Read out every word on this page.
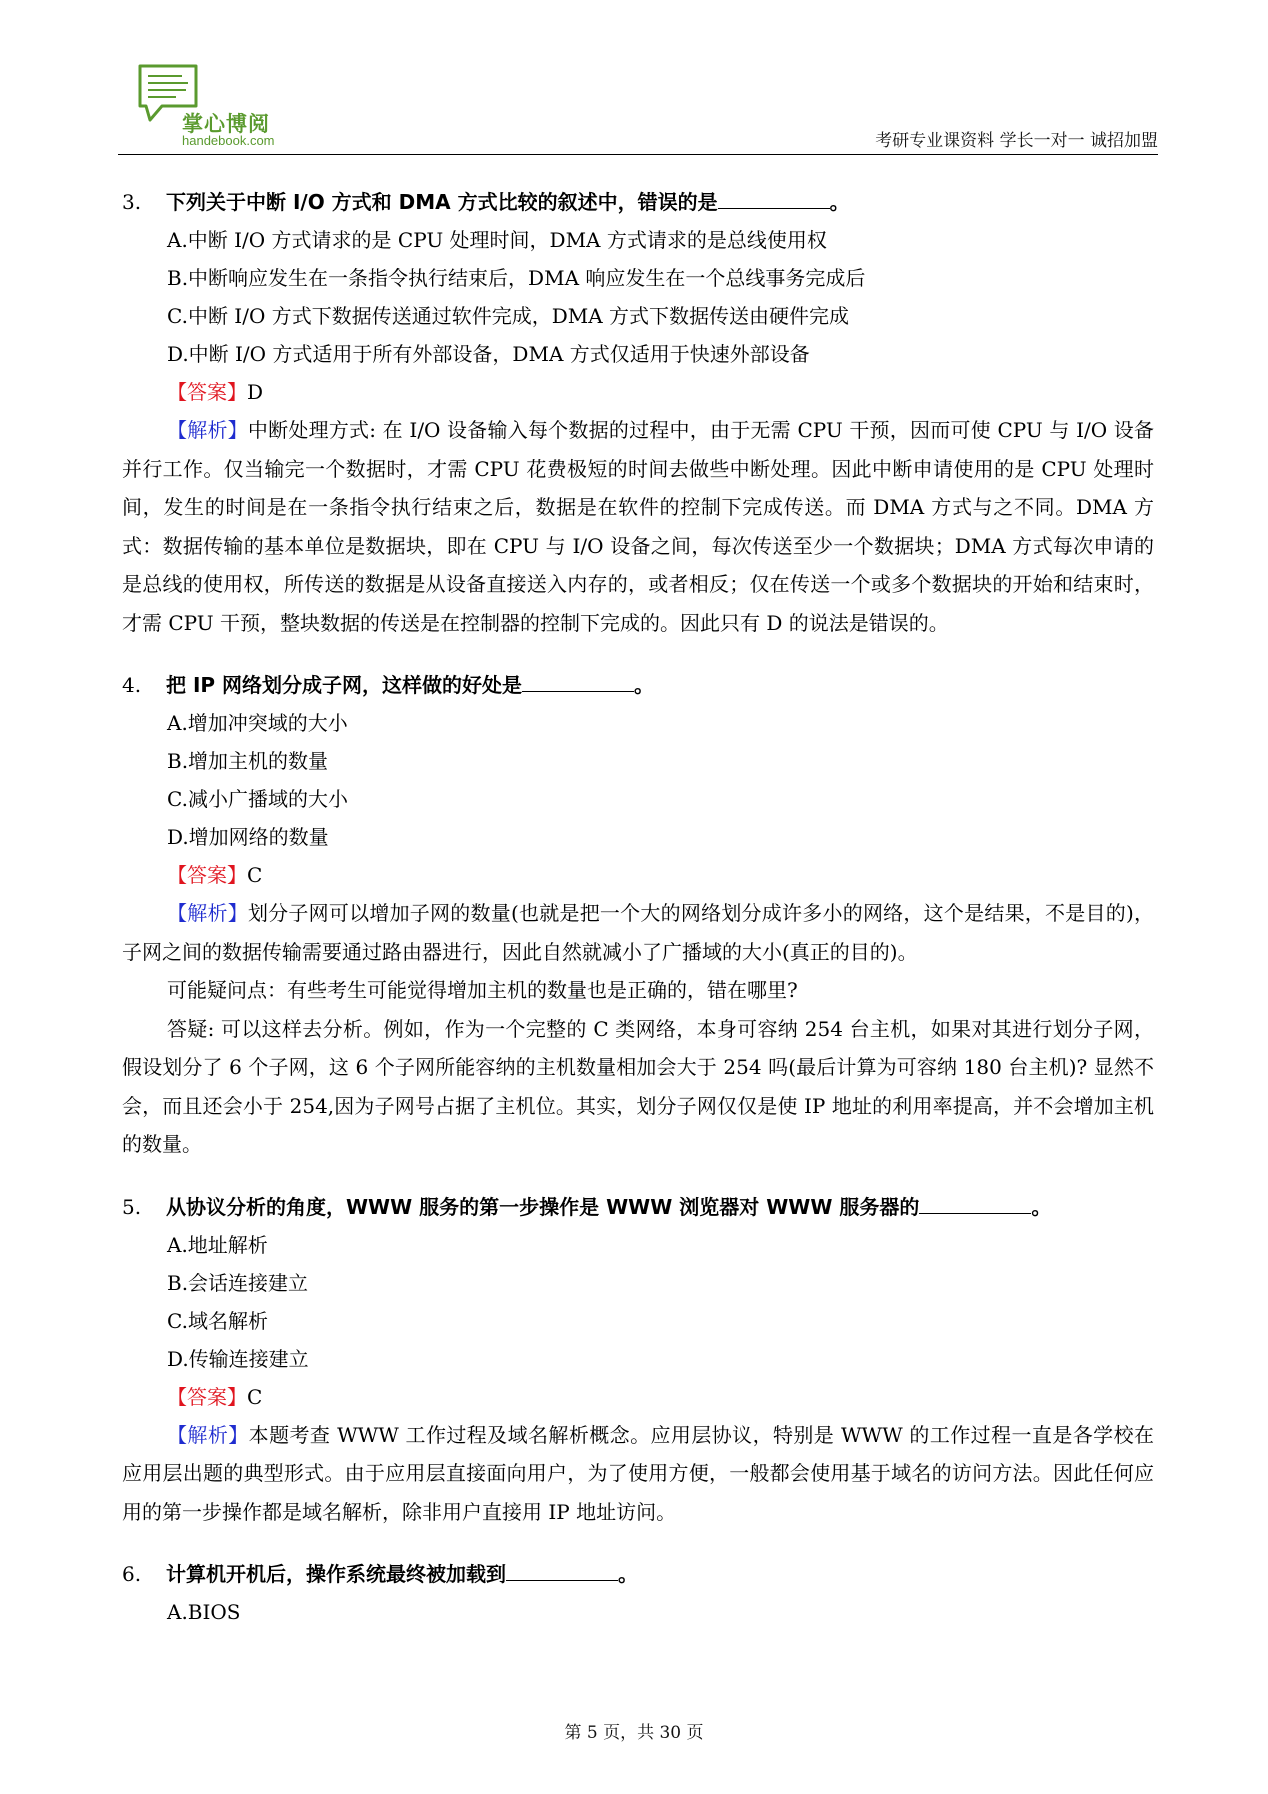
掌心博阅
handebook.com	考研专业课资料 学长一对一 诚招加盟
3. 下列关于中断 I/O 方式和 DMA 方式比较的叙述中，错误的是	。
A.中断 I/O 方式请求的是 CPU 处理时间，DMA 方式请求的是总线使用权
B.中断响应发生在一条指令执行结束后，DMA 响应发生在一个总线事务完成后
C.中断 I/O 方式下数据传送通过软件完成，DMA 方式下数据传送由硬件完成
D.中断 I/O 方式适用于所有外部设备，DMA 方式仅适用于快速外部设备
【答案】D

【解析】中断处理方式: 在 I/O 设备输入每个数据的过程中，由于无需 CPU 干预，因而可使 CPU 与 I/O 设备并行工作。仅当输完一个数据时，才需 CPU 花费极短的时间去做些中断处理。因此中断申请使用的是 CPU 处理时间，发生的时间是在一条指令执行结束之后，数据是在软件的控制下完成传送。而 DMA 方式与之不同。DMA 方式：数据传输的基本单位是数据块，即在 CPU 与 I/O 设备之间，每次传送至少一个数据块；DMA 方式每次申请的是总线的使用权，所传送的数据是从设备直接送入内存的，或者相反；仅在传送一个或多个数据块的开始和结束时，才需 CPU 干预，整块数据的传送是在控制器的控制下完成的。因此只有 D 的说法是错误的。

4. 把 IP 网络划分成子网，这样做的好处是	。
A.增加冲突域的大小
B.增加主机的数量
C.减小广播域的大小
D.增加网络的数量
【答案】C

【解析】划分子网可以增加子网的数量(也就是把一个大的网络划分成许多小的网络，这个是结果，不是目的)，子网之间的数据传输需要通过路由器进行，因此自然就减小了广播域的大小(真正的目的)。

可能疑问点：有些考生可能觉得增加主机的数量也是正确的，错在哪里?

答疑: 可以这样去分析。例如，作为一个完整的 C 类网络，本身可容纳 254 台主机，如果对其进行划分子网，假设划分了 6 个子网，这 6 个子网所能容纳的主机数量相加会大于 254 吗(最后计算为可容纳 180 台主机)? 显然不会，而且还会小于 254,因为子网号占据了主机位。其实，划分子网仅仅是使 IP 地址的利用率提高，并不会增加主机的数量。

5. 从协议分析的角度，WWW 服务的第一步操作是 WWW 浏览器对 WWW 服务器的	。
A.地址解析
B.会话连接建立
C.域名解析
D.传输连接建立
【答案】C

【解析】本题考查 WWW 工作过程及域名解析概念。应用层协议，特别是 WWW 的工作过程一直是各学校在应用层出题的典型形式。由于应用层直接面向用户，为了使用方便，一般都会使用基于域名的访问方法。因此任何应用的第一步操作都是域名解析，除非用户直接用 IP 地址访问。

6. 计算机开机后，操作系统最终被加载到	。
A.BIOS
第 5 页，共 30 页
